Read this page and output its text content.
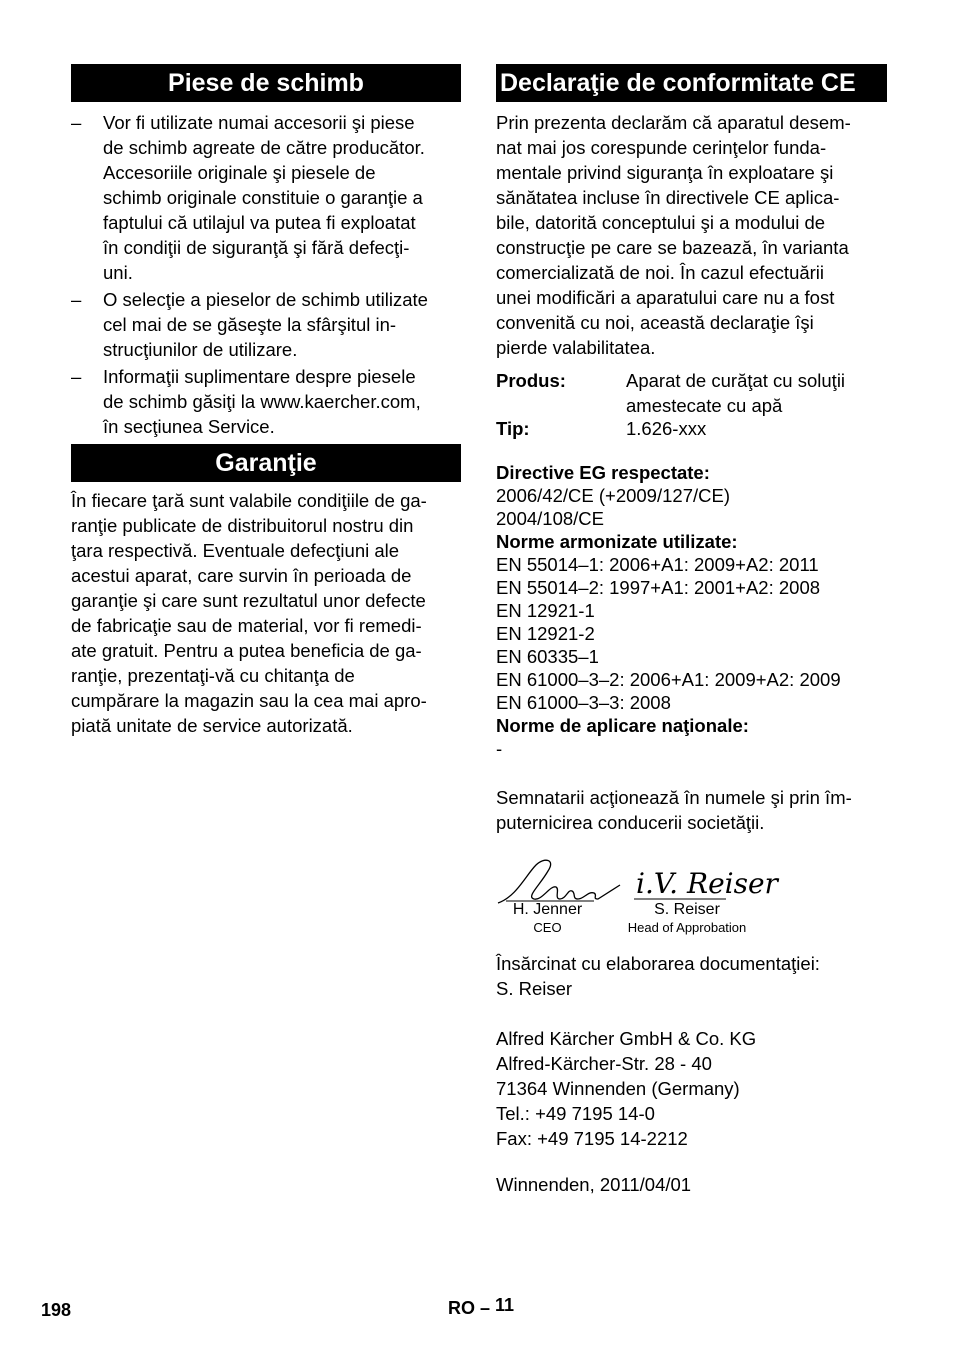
Piese de schimb
– Vor fi utilizate numai accesorii şi piese
de schimb agreate de către producător.
Accesoriile originale şi piesele de
schimb originale constituie o garanţie a
faptului că utilajul va putea fi exploatat
în condiţii de siguranţă şi fără defecţi-
uni.
– O selecţie a pieselor de schimb utilizate
cel mai de se găseşte la sfârşitul in-
strucţiunilor de utilizare.
– Informaţii suplimentare despre piesele
de schimb găsiţi la www.kaercher.com,
în secţiunea Service.
Garanţie

În fiecare ţară sunt valabile condiţiile de ga-
ranţie publicate de distribuitorul nostru din
ţara respectivă. Eventuale defecţiuni ale
acestui aparat, care survin în perioada de
garanţie şi care sunt rezultatul unor defecte
de fabricaţie sau de material, vor fi remedi-
ate gratuit. Pentru a putea beneficia de ga-
ranţie, prezentaţi-vă cu chitanţa de
cumpărare la magazin sau la cea mai apro-
piată unitate de service autorizată.

Declaraţie de conformitate CE

Prin prezenta declarăm că aparatul desem-
nat mai jos corespunde cerinţelor funda-
mentale privind siguranţa în exploatare şi
sănătatea incluse în directivele CE aplica-
bile, datorită conceptului şi a modului de
construcţie pe care se bazează, în varianta
comercializată de noi. În cazul efectuării
unei modificări a aparatului care nu a fost
convenită cu noi, această declaraţie îşi
pierde valabilitatea.

Produs:	Aparat de curăţat cu soluţii
amestecate cu apă
Tip:	1.626-xxx
Directive EG respectate:
2006/42/CE (+2009/127/CE)
2004/108/CE
Norme armonizate utilizate:
EN 55014–1: 2006+A1: 2009+A2: 2011
EN 55014–2: 1997+A1: 2001+A2: 2008
EN 12921-1
EN 12921-2
EN 60335–1
EN 61000–3–2: 2006+A1: 2009+A2: 2009
EN 61000–3–3: 2008
Norme de aplicare naţionale:
-

Semnatarii acţionează în numele şi prin îm-
puternicirea conducerii societăţii.

i.V. Reiser
H. Jenner
CEO
S. Reiser
Head of Approbation

Însărcinat cu elaborarea documentaţiei:
S. Reiser

Alfred Kärcher GmbH & Co. KG
Alfred-Kärcher-Str. 28 - 40
71364 Winnenden (Germany)
Tel.: +49 7195 14-0
Fax: +49 7195 14-2212

Winnenden, 2011/04/01

198	RO – 11
